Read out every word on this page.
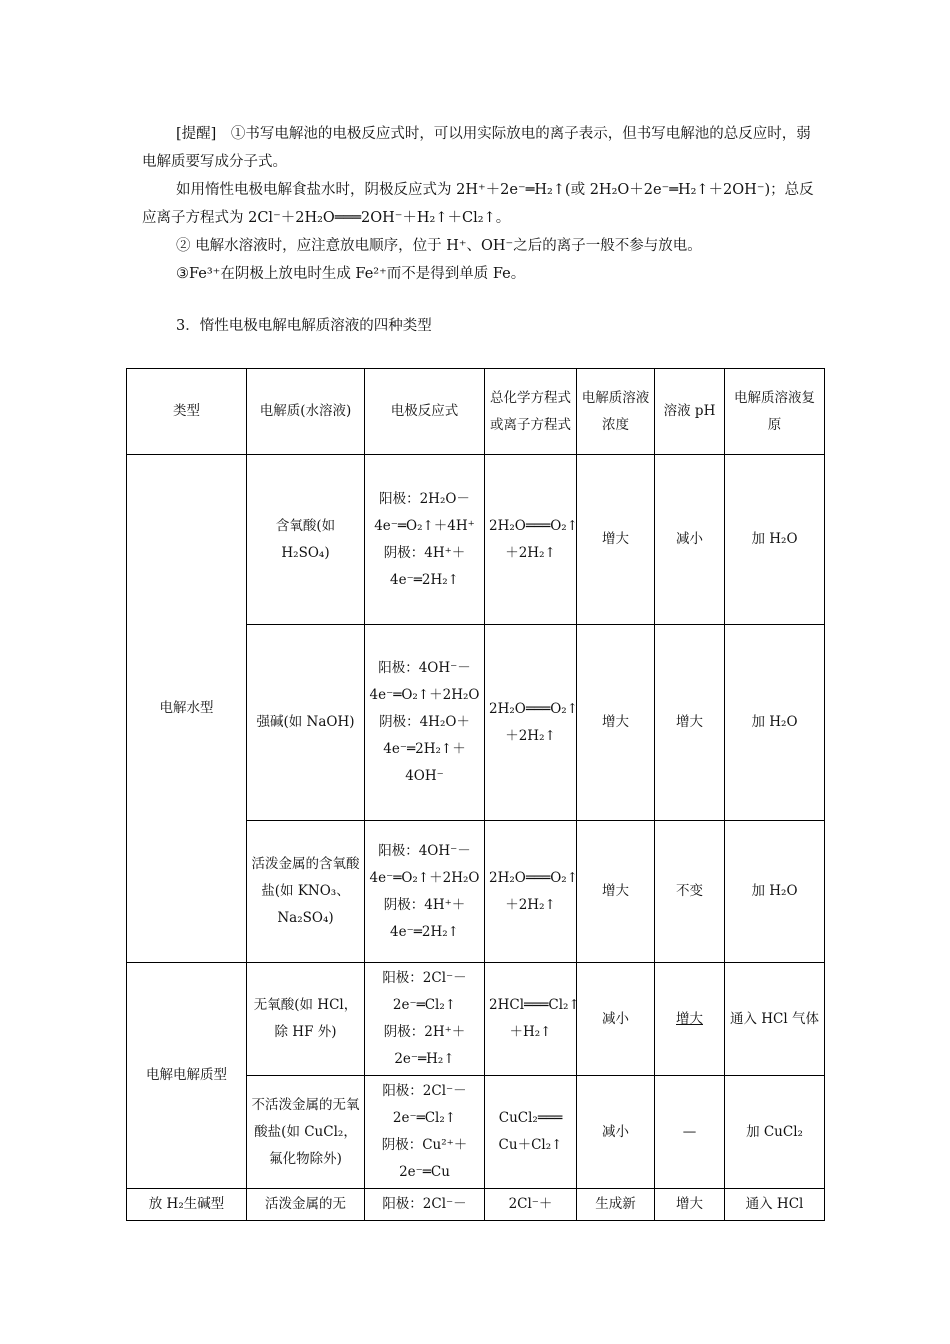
[提醒]　①书写电解池的电极反应式时，可以用实际放电的离子表示，但书写电解池的总反应时，弱电解质要写成分子式。

如用惰性电极电解食盐水时，阴极反应式为 2H⁺＋2e⁻═H₂↑(或 2H₂O＋2e⁻═H₂↑＋2OH⁻)；总反应离子方程式为 2Cl⁻＋2H₂O═══2OH⁻＋H₂↑＋Cl₂↑。

② 电解水溶液时，应注意放电顺序，位于 H⁺、OH⁻之后的离子一般不参与放电。

③Fe³⁺在阴极上放电时生成 Fe²⁺而不是得到单质 Fe。

3．惰性电极电解电解质溶液的四种类型
类型	电解质(水溶液)	电极反应式	总化学方程式或离子方程式	电解质溶液浓度	溶液 pH	电解质溶液复原
电解水型	含氧酸(如 H₂SO₄)	阳极：2H₂O－4e⁻═O₂↑＋4H⁺
阴极：4H⁺＋4e⁻═2H₂↑	2H₂O═══O₂↑＋2H₂↑	增大	减小	加 H₂O
	强碱(如 NaOH)	阳极：4OH⁻－4e⁻═O₂↑＋2H₂O
阴极：4H₂O＋4e⁻═2H₂↑＋4OH⁻	2H₂O═══O₂↑＋2H₂↑	增大	增大	加 H₂O
	活泼金属的含氧酸盐(如 KNO₃、Na₂SO₄)	阳极：4OH⁻－4e⁻═O₂↑＋2H₂O 阴极：4H⁺＋4e⁻═2H₂↑	2H₂O═══O₂↑＋2H₂↑	增大	不变	加 H₂O
电解电解质型	无氧酸(如 HCl，除 HF 外)	阳极：2Cl⁻－2e⁻═Cl₂↑
阴极：2H⁺＋2e⁻═H₂↑	2HCl═══Cl₂↑＋H₂↑	减小	增大	通入 HCl 气体
	不活泼金属的无氧酸盐(如 CuCl₂，氟化物除外)	阳极：2Cl⁻－2e⁻═Cl₂↑
阴极：Cu²⁺＋2e⁻═Cu	CuCl₂═══ Cu＋Cl₂↑	减小	—	加 CuCl₂
放 H₂生碱型	活泼金属的无	阳极：2Cl⁻－	2Cl⁻＋	生成新	增大	通入 HCl
